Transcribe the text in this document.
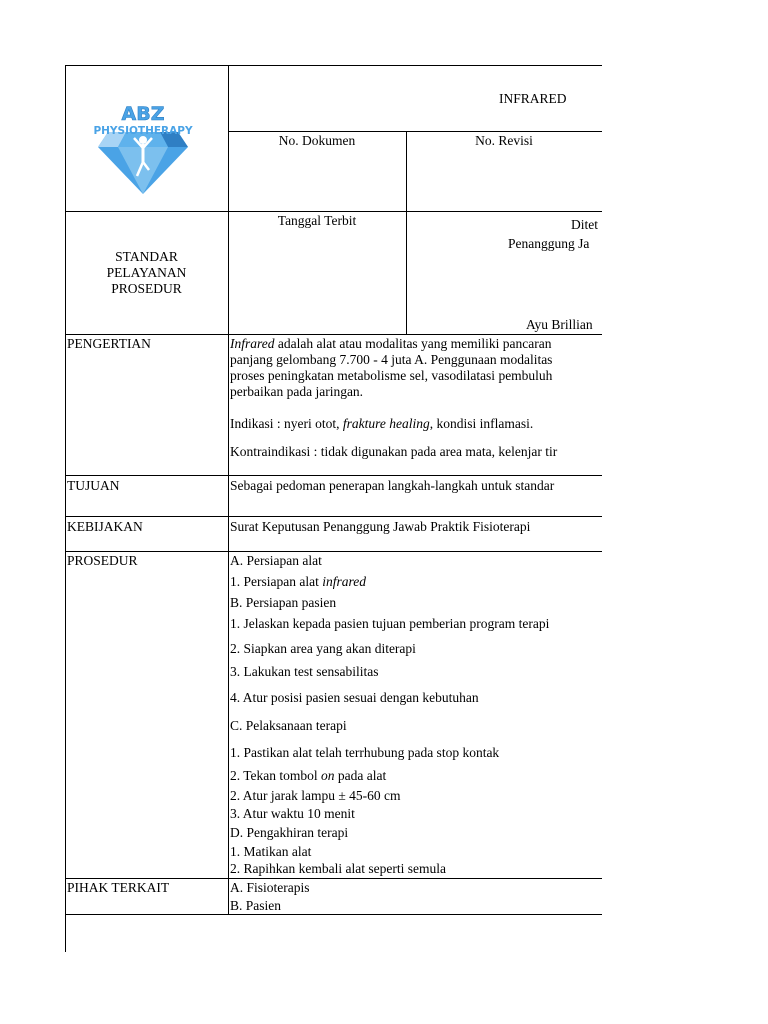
ABZ
PHYSIOTHERAPY
INFRARED
No. Dokumen	No. Revisi
Tanggal Terbit	Ditet
Penanggung Ja
Ayu Brillian
STANDAR
PELAYANAN
PROSEDUR
PENGERTIAN	Infrared adalah alat atau modalitas yang memiliki pancaran
panjang gelombang 7.700 - 4 juta A. Penggunaan modalitas
proses peningkatan metabolisme sel, vasodilatasi pembuluh
perbaikan pada jaringan.
Indikasi : nyeri otot, frakture healing, kondisi inflamasi.
Kontraindikasi : tidak digunakan pada area mata, kelenjar tir
TUJUAN	Sebagai pedoman penerapan langkah-langkah untuk standar
KEBIJAKAN	Surat Keputusan Penanggung Jawab Praktik Fisioterapi
PROSEDUR	A. Persiapan alat
1. Persiapan alat infrared
B. Persiapan pasien
1. Jelaskan kepada pasien tujuan pemberian program terapi
2. Siapkan area yang akan diterapi
3. Lakukan test sensabilitas
4. Atur posisi pasien sesuai dengan kebutuhan
C. Pelaksanaan terapi
1. Pastikan alat telah terrhubung pada stop kontak
2. Tekan tombol on pada alat
2. Atur jarak lampu ± 45-60 cm
3. Atur waktu 10 menit
D. Pengakhiran terapi
1. Matikan alat
2. Rapihkan kembali alat seperti semula
PIHAK TERKAIT	A. Fisioterapis
B. Pasien
